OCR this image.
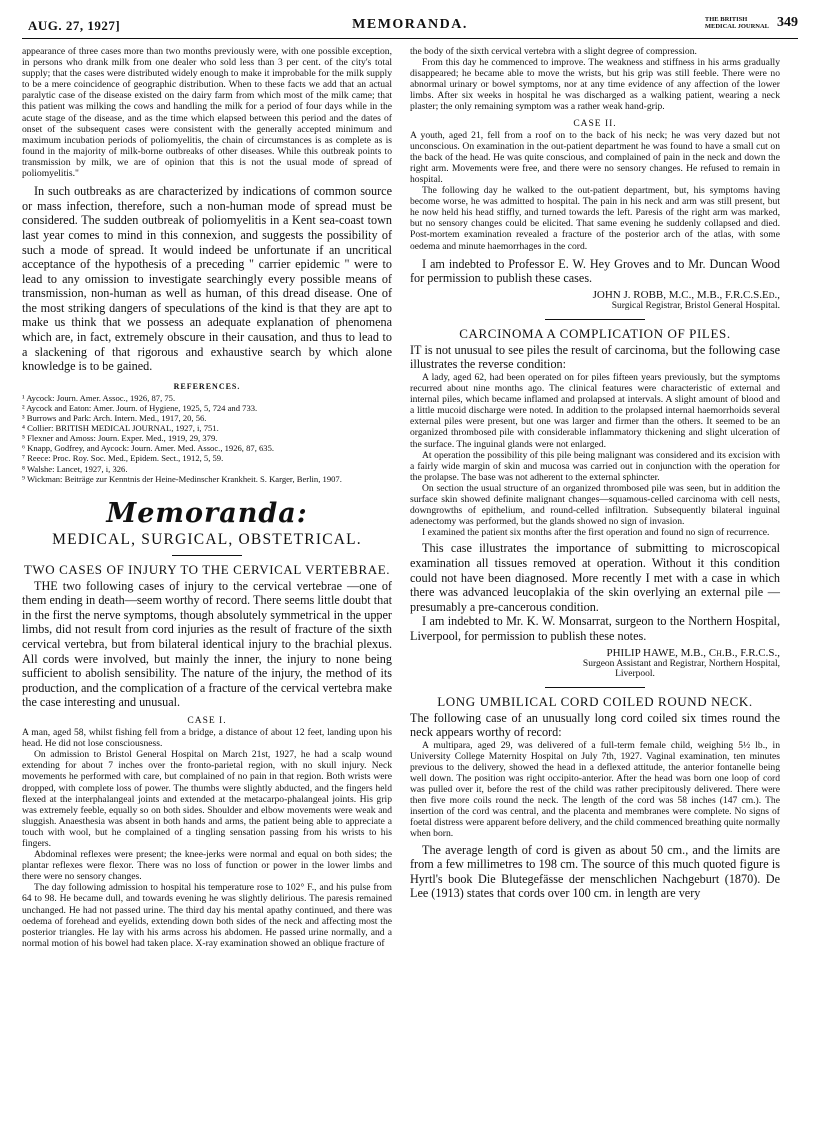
AUG. 27, 1927]	MEMORANDA.	THE BRITISH
MEDICAL JOURNAL 349

appearance of three cases more than two months previously were, with one possible exception, in persons who drank milk from one dealer who sold less than 3 per cent. of the city's total supply; that the cases were distributed widely enough to make it improbable for the milk supply to be a mere coincidence of geographic distribution. When to these facts we add that an actual paralytic case of the disease existed on the dairy farm from which most of the milk came; that this patient was milking the cows and handling the milk for a period of four days while in the acute stage of the disease, and as the time which elapsed between this period and the dates of onset of the subsequent cases were consistent with the generally accepted minimum and maximum incubation periods of poliomyelitis, the chain of circumstances is as complete as is found in the majority of milk-borne outbreaks of other diseases. While this outbreak points to transmission by milk, we are of opinion that this is not the usual mode of spread of poliomyelitis."

In such outbreaks as are characterized by indications of common source or mass infection, therefore, such a non-human mode of spread must be considered. The sudden outbreak of poliomyelitis in a Kent sea-coast town last year comes to mind in this connexion, and suggests the possibility of such a mode of spread. It would indeed be unfortunate if an uncritical acceptance of the hypothesis of a preceding " carrier epidemic " were to lead to any omission to investigate searchingly every possible means of transmission, non-human as well as human, of this dread disease. One of the most striking dangers of speculations of the kind is that they are apt to make us think that we possess an adequate explanation of phenomena which are, in fact, extremely obscure in their causation, and thus to lead to a slackening of that rigorous and exhaustive search by which alone knowledge is to be gained.

REFERENCES.

¹ Aycock: Journ. Amer. Assoc., 1926, 87, 75.

² Aycock and Eaton: Amer. Journ. of Hygiene, 1925, 5, 724 and 733.

³ Burrows and Park: Arch. Intern. Med., 1917, 20, 56.

⁴ Collier: BRITISH MEDICAL JOURNAL, 1927, i, 751.

⁵ Flexner and Amoss: Journ. Exper. Med., 1919, 29, 379.

⁶ Knapp, Godfrey, and Aycock: Journ. Amer. Med. Assoc., 1926, 87, 635.

⁷ Reece: Proc. Roy. Soc. Med., Epidem. Sect., 1912, 5, 59.

⁸ Walshe: Lancet, 1927, i, 326.

⁹ Wickman: Beiträge zur Kenntnis der Heine-Medinscher Krankheit. S. Karger, Berlin, 1907.

Memoranda:
MEDICAL, SURGICAL, OBSTETRICAL.
TWO CASES OF INJURY TO THE CERVICAL VERTEBRAE.

THE two following cases of injury to the cervical vertebrae —one of them ending in death—seem worthy of record. There seems little doubt that in the first the nerve symptoms, though absolutely symmetrical in the upper limbs, did not result from cord injuries as the result of fracture of the sixth cervical vertebra, but from bilateral identical injury to the brachial plexus. All cords were involved, but mainly the inner, the injury to none being sufficient to abolish sensibility. The nature of the injury, the method of its production, and the complication of a fracture of the cervical vertebra make the case interesting and unusual.

CASE I.

A man, aged 58, whilst fishing fell from a bridge, a distance of about 12 feet, landing upon his head. He did not lose consciousness.

On admission to Bristol General Hospital on March 21st, 1927, he had a scalp wound extending for about 7 inches over the fronto-parietal region, with no skull injury. Neck movements he performed with care, but complained of no pain in that region. Both wrists were dropped, with complete loss of power. The thumbs were slightly abducted, and the fingers held flexed at the interphalangeal joints and extended at the metacarpo-phalangeal joints. His grip was extremely feeble, equally so on both sides. Shoulder and elbow movements were weak and sluggish. Anaesthesia was absent in both hands and arms, the patient being able to appreciate a touch with wool, but he complained of a tingling sensation passing from his wrists to his fingers.

Abdominal reflexes were present; the knee-jerks were normal and equal on both sides; the plantar reflexes were flexor. There was no loss of function or power in the lower limbs and there were no sensory changes.

The day following admission to hospital his temperature rose to 102° F., and his pulse from 64 to 98. He became dull, and towards evening he was slightly delirious. The paresis remained unchanged. He had not passed urine. The third day his mental apathy continued, and there was oedema of forehead and eyelids, extending down both sides of the neck and affecting most the posterior triangles. He lay with his arms across his abdomen. He passed urine normally, and a normal motion of his bowel had taken place. X-ray examination showed an oblique fracture of

the body of the sixth cervical vertebra with a slight degree of compression.

From this day he commenced to improve. The weakness and stiffness in his arms gradually disappeared; he became able to move the wrists, but his grip was still feeble. There were no abnormal urinary or bowel symptoms, nor at any time evidence of any affection of the lower limbs. After six weeks in hospital he was discharged as a walking patient, wearing a neck plaster; the only remaining symptom was a rather weak hand-grip.

CASE II.

A youth, aged 21, fell from a roof on to the back of his neck; he was very dazed but not unconscious. On examination in the out-patient department he was found to have a small cut on the back of the head. He was quite conscious, and complained of pain in the neck and down the right arm. Movements were free, and there were no sensory changes. He refused to remain in hospital.

The following day he walked to the out-patient department, but, his symptoms having become worse, he was admitted to hospital. The pain in his neck and arm was still present, but he now held his head stiffly, and turned towards the left. Paresis of the right arm was marked, but no sensory changes could be elicited. That same evening he suddenly collapsed and died. Post-mortem examination revealed a fracture of the posterior arch of the atlas, with some oedema and minute haemorrhages in the cord.

I am indebted to Professor E. W. Hey Groves and to Mr. Duncan Wood for permission to publish these cases.

JOHN J. ROBB, M.C., M.B., F.R.C.S.Ed.,

Surgical Registrar, Bristol General Hospital.

CARCINOMA A COMPLICATION OF PILES.

IT is not unusual to see piles the result of carcinoma, but the following case illustrates the reverse condition:

A lady, aged 62, had been operated on for piles fifteen years previously, but the symptoms recurred about nine months ago. The clinical features were characteristic of external and internal piles, which became inflamed and prolapsed at intervals. A slight amount of blood and a little mucoid discharge were noted. In addition to the prolapsed internal haemorrhoids several external piles were present, but one was larger and firmer than the others. It seemed to be an organized thrombosed pile with considerable inflammatory thickening and slight ulceration of the surface. The inguinal glands were not enlarged.

At operation the possibility of this pile being malignant was considered and its excision with a fairly wide margin of skin and mucosa was carried out in conjunction with the operation for the prolapse. The base was not adherent to the external sphincter.

On section the usual structure of an organized thrombosed pile was seen, but in addition the surface skin showed definite malignant changes—squamous-celled carcinoma with cell nests, downgrowths of epithelium, and round-celled infiltration. Subsequently bilateral inguinal adenectomy was performed, but the glands showed no sign of invasion.

I examined the patient six months after the first operation and found no sign of recurrence.

This case illustrates the importance of submitting to microscopical examination all tissues removed at operation. Without it this condition could not have been diagnosed. More recently I met with a case in which there was advanced leucoplakia of the skin overlying an external pile —presumably a pre-cancerous condition.

I am indebted to Mr. K. W. Monsarrat, surgeon to the Northern Hospital, Liverpool, for permission to publish these notes.

PHILIP HAWE, M.B., Ch.B., F.R.C.S.,

Surgeon Assistant and Registrar, Northern Hospital,

Liverpool.

LONG UMBILICAL CORD COILED ROUND NECK.

The following case of an unusually long cord coiled six times round the neck appears worthy of record:

A multipara, aged 29, was delivered of a full-term female child, weighing 5½ lb., in University College Maternity Hospital on July 7th, 1927. Vaginal examination, ten minutes previous to the delivery, showed the head in a deflexed attitude, the anterior fontanelle being well down. The position was right occipito-anterior. After the head was born one loop of cord was pulled over it, before the rest of the child was rather precipitously delivered. There were then five more coils round the neck. The length of the cord was 58 inches (147 cm.). The insertion of the cord was central, and the placenta and membranes were complete. No signs of foetal distress were apparent before delivery, and the child commenced breathing quite normally when born.

The average length of cord is given as about 50 cm., and the limits are from a few millimetres to 198 cm. The source of this much quoted figure is Hyrtl's book Die Blutegefässe der menschlichen Nachgeburt (1870). De Lee (1913) states that cords over 100 cm. in length are very
